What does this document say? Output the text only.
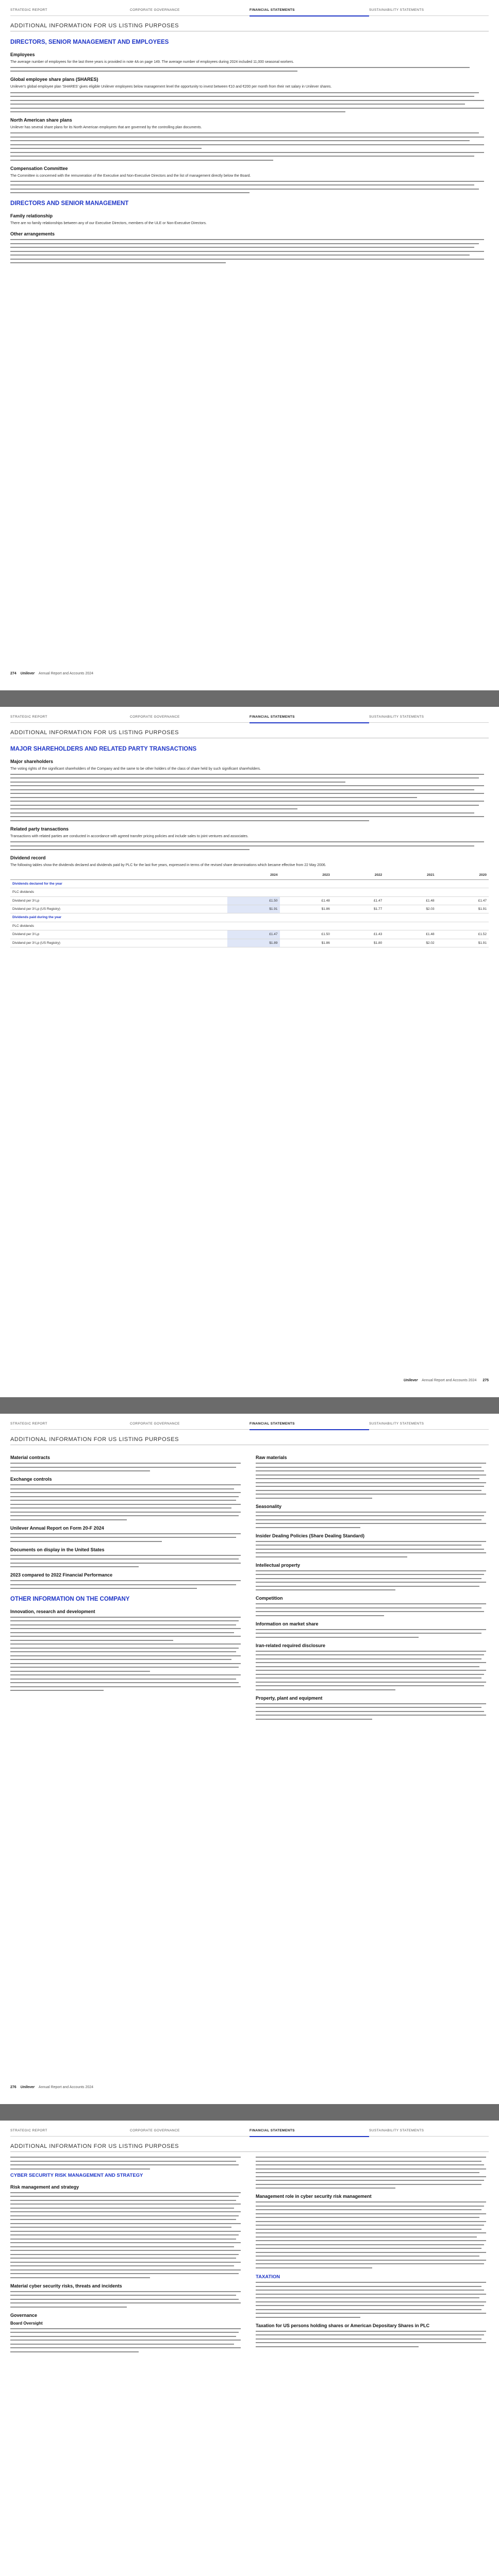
STRATEGIC REPORT	CORPORATE GOVERNANCE	FINANCIAL STATEMENTS	SUSTAINABILITY STATEMENTS
ADDITIONAL INFORMATION FOR US LISTING PURPOSES
DIRECTORS, SENIOR MANAGEMENT AND EMPLOYEES
Employees
The average number of employees for the last three years is provided in note 4A on page 149. The average number of employees during 2024 included 11,000 seasonal workers.
Global employee share plans (SHARES)
Unilever's global employee plan 'SHARES' gives eligible Unilever employees below management level the opportunity to invest between €10 and €200 per month from their net salary in Unilever shares.
North American share plans
Unilever has several share plans for its North American employees that are governed by the controlling plan documents.
Compensation Committee
The Committee is concerned with the remuneration of the Executive and Non-Executive Directors and the list of management directly below the Board.
DIRECTORS AND SENIOR MANAGEMENT
Family relationship
There are no family relationships between any of our Executive Directors, members of the ULE or Non-Executive Directors.
Other arrangements
274 Unilever Annual Report and Accounts 2024
STRATEGIC REPORT	CORPORATE GOVERNANCE	FINANCIAL STATEMENTS	SUSTAINABILITY STATEMENTS
ADDITIONAL INFORMATION FOR US LISTING PURPOSES
MAJOR SHAREHOLDERS AND RELATED PARTY TRANSACTIONS
Major shareholders
The voting rights of the significant shareholders of the Company and the same to be other holders of the class of share held by such significant shareholders.
Related party transactions
Transactions with related parties are conducted in accordance with agreed transfer pricing policies and include sales to joint ventures and associates.
Dividend record
The following tables show the dividends declared and dividends paid by PLC for the last five years, expressed in terms of the revised share denominations which became effective from 22 May 2006.
	2024	2023	2022	2021	2020
Dividends declared for the year					
PLC dividends					
Dividend per 3¹/₉p	£1.50	£1.48	£1.47	£1.48	£1.47
Dividend per 3¹/₉p (US Registry)	$1.91	$1.86	$1.77	$2.03	$1.91
Dividends paid during the year					
PLC dividends					
Dividend per 3¹/₉p	£1.47	£1.50	£1.43	£1.48	£1.52
Dividend per 3¹/₉p (US Registry)	$1.89	$1.86	$1.80	$2.02	$1.91
Unilever Annual Report and Accounts 2024 275
STRATEGIC REPORT	CORPORATE GOVERNANCE	FINANCIAL STATEMENTS	SUSTAINABILITY STATEMENTS
ADDITIONAL INFORMATION FOR US LISTING PURPOSES
Material contracts
Exchange controls
Unilever Annual Report on Form 20-F 2024
Documents on display in the United States
2023 compared to 2022 Financial Performance
OTHER INFORMATION ON THE COMPANY
Innovation, research and development
Raw materials
Seasonality
Insider Dealing Policies (Share Dealing Standard)
Intellectual property
Competition
Information on market share
Iran-related required disclosure
Property, plant and equipment
276 Unilever Annual Report and Accounts 2024
STRATEGIC REPORT	CORPORATE GOVERNANCE	FINANCIAL STATEMENTS	SUSTAINABILITY STATEMENTS
ADDITIONAL INFORMATION FOR US LISTING PURPOSES
CYBER SECURITY RISK MANAGEMENT AND STRATEGY
Risk management and strategy
Material cyber security risks, threats and incidents
Governance
Board Oversight
Management role in cyber security risk management
TAXATION
Taxation for US persons holding shares or American Depositary Shares in PLC
